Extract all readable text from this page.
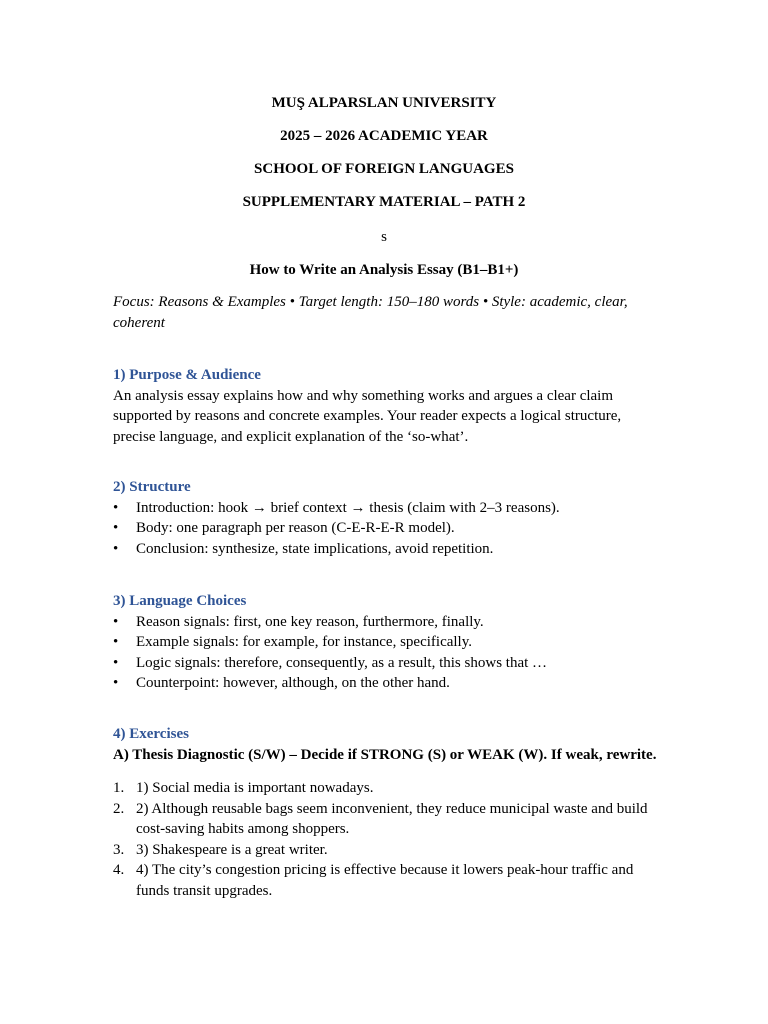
MUŞ ALPARSLAN UNIVERSITY
2025 – 2026 ACADEMIC YEAR
SCHOOL OF FOREIGN LANGUAGES
SUPPLEMENTARY MATERIAL – PATH 2
s
How to Write an Analysis Essay (B1–B1+)
Focus: Reasons & Examples • Target length: 150–180 words • Style: academic, clear, coherent
1) Purpose & Audience
An analysis essay explains how and why something works and argues a clear claim supported by reasons and concrete examples. Your reader expects a logical structure, precise language, and explicit explanation of the ‘so-what’.
2) Structure
•	Introduction: hook → brief context → thesis (claim with 2–3 reasons).
•	Body: one paragraph per reason (C-E-R-E-R model).
•	Conclusion: synthesize, state implications, avoid repetition.
3) Language Choices
•	Reason signals: first, one key reason, furthermore, finally.
•	Example signals: for example, for instance, specifically.
•	Logic signals: therefore, consequently, as a result, this shows that …
•	Counterpoint: however, although, on the other hand.
4) Exercises
A) Thesis Diagnostic (S/W) – Decide if STRONG (S) or WEAK (W). If weak, rewrite.
1. 1) Social media is important nowadays.
2. 2) Although reusable bags seem inconvenient, they reduce municipal waste and build cost-saving habits among shoppers.
3. 3) Shakespeare is a great writer.
4. 4) The city’s congestion pricing is effective because it lowers peak-hour traffic and funds transit upgrades.
